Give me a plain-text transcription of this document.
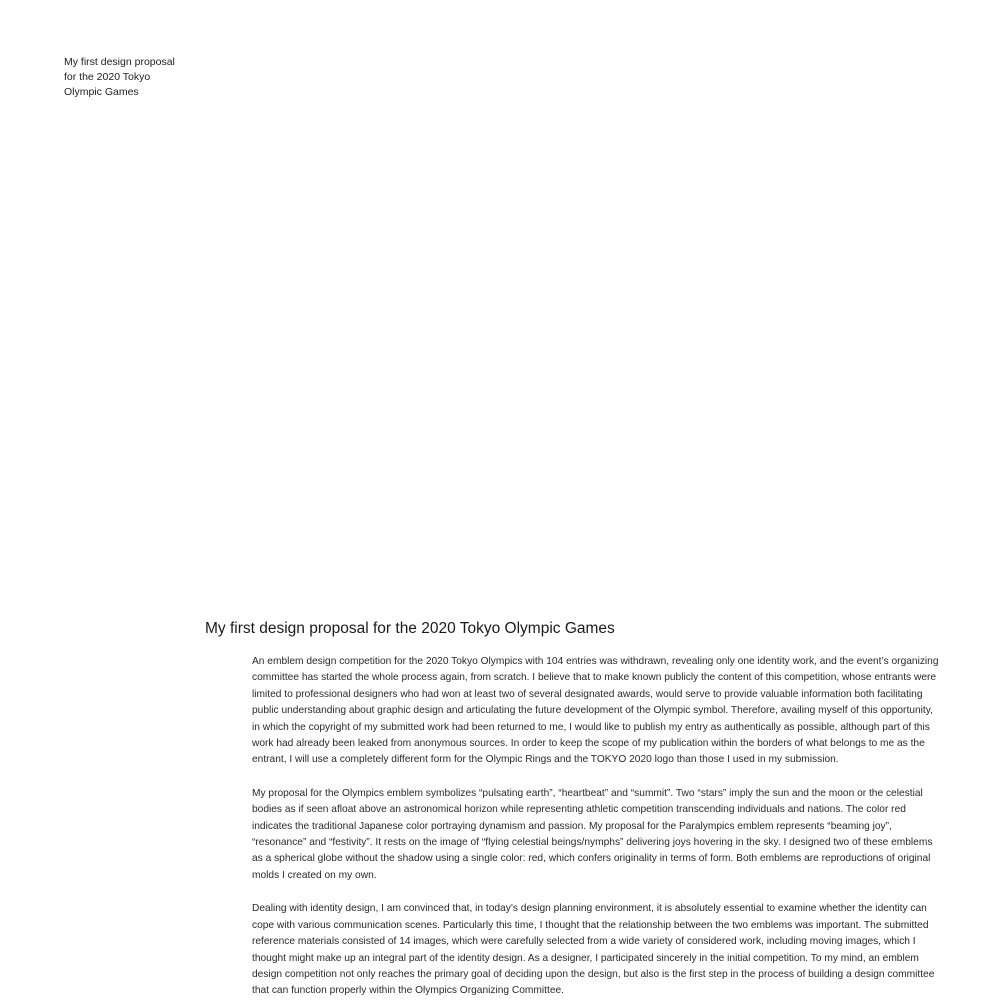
My first design proposal for the 2020 Tokyo Olympic Games
My first design proposal for the 2020 Tokyo Olympic Games

An emblem design competition for the 2020 Tokyo Olympics with 104 entries was withdrawn, revealing only one identity work, and the event’s organizing committee has started the whole process again, from scratch. I believe that to make known publicly the content of this competition, whose entrants were limited to professional designers who had won at least two of several designated awards, would serve to provide valuable information both facilitating public understanding about graphic design and articulating the future development of the Olympic symbol. Therefore, availing myself of this opportunity, in which the copyright of my submitted work had been returned to me, I would like to publish my entry as authentically as possible, although part of this work had already been leaked from anonymous sources. In order to keep the scope of my publication within the borders of what belongs to me as the entrant, I will use a completely different form for the Olympic Rings and the TOKYO 2020 logo than those I used in my submission.

My proposal for the Olympics emblem symbolizes “pulsating earth”, “heartbeat” and “summit”. Two “stars” imply the sun and the moon or the celestial bodies as if seen afloat above an astronomical horizon while representing athletic competition transcending individuals and nations. The color red indicates the traditional Japanese color portraying dynamism and passion. My proposal for the Paralympics emblem represents “beaming joy”, “resonance” and “festivity”. It rests on the image of “flying celestial beings/nymphs” delivering joys hovering in the sky. I designed two of these emblems as a spherical globe without the shadow using a single color: red, which confers originality in terms of form. Both emblems are reproductions of original molds I created on my own.

Dealing with identity design, I am convinced that, in today’s design planning environment, it is absolutely essential to examine whether the identity can cope with various communication scenes. Particularly this time, I thought that the relationship between the two emblems was important. The submitted reference materials consisted of 14 images, which were carefully selected from a wide variety of considered work, including moving images, which I thought might make up an integral part of the identity design. As a designer, I participated sincerely in the initial competition. To my mind, an emblem design competition not only reaches the primary goal of deciding upon the design, but also is the first step in the process of building a design committee that can function properly within the Olympics Organizing Committee.
